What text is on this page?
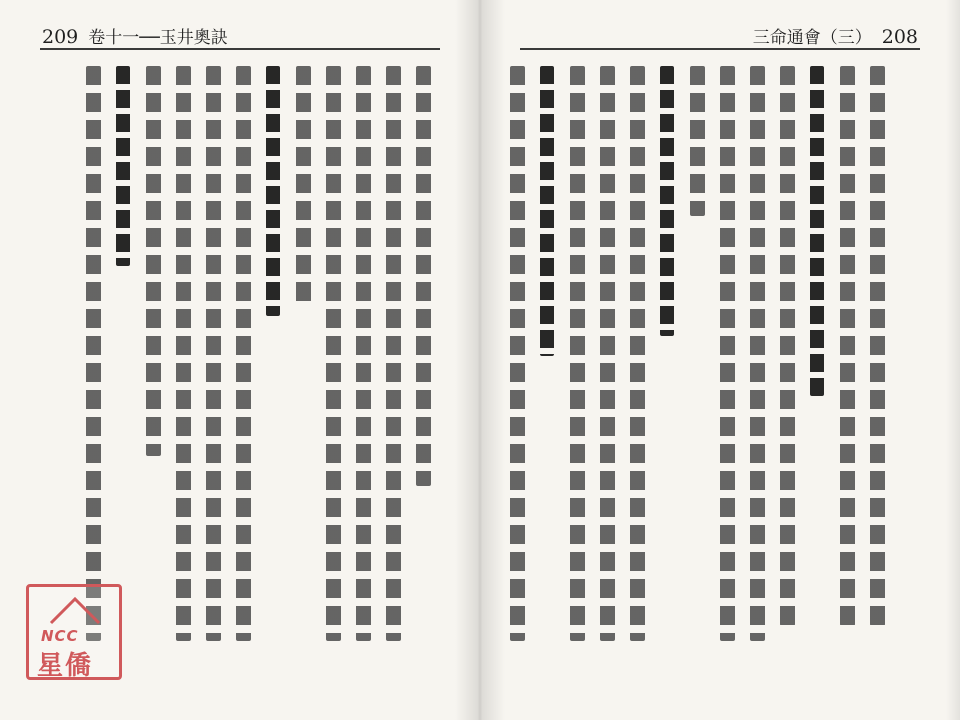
209 卷十一──玉井奧訣
NCC
星僑
三命通會（三） 208
